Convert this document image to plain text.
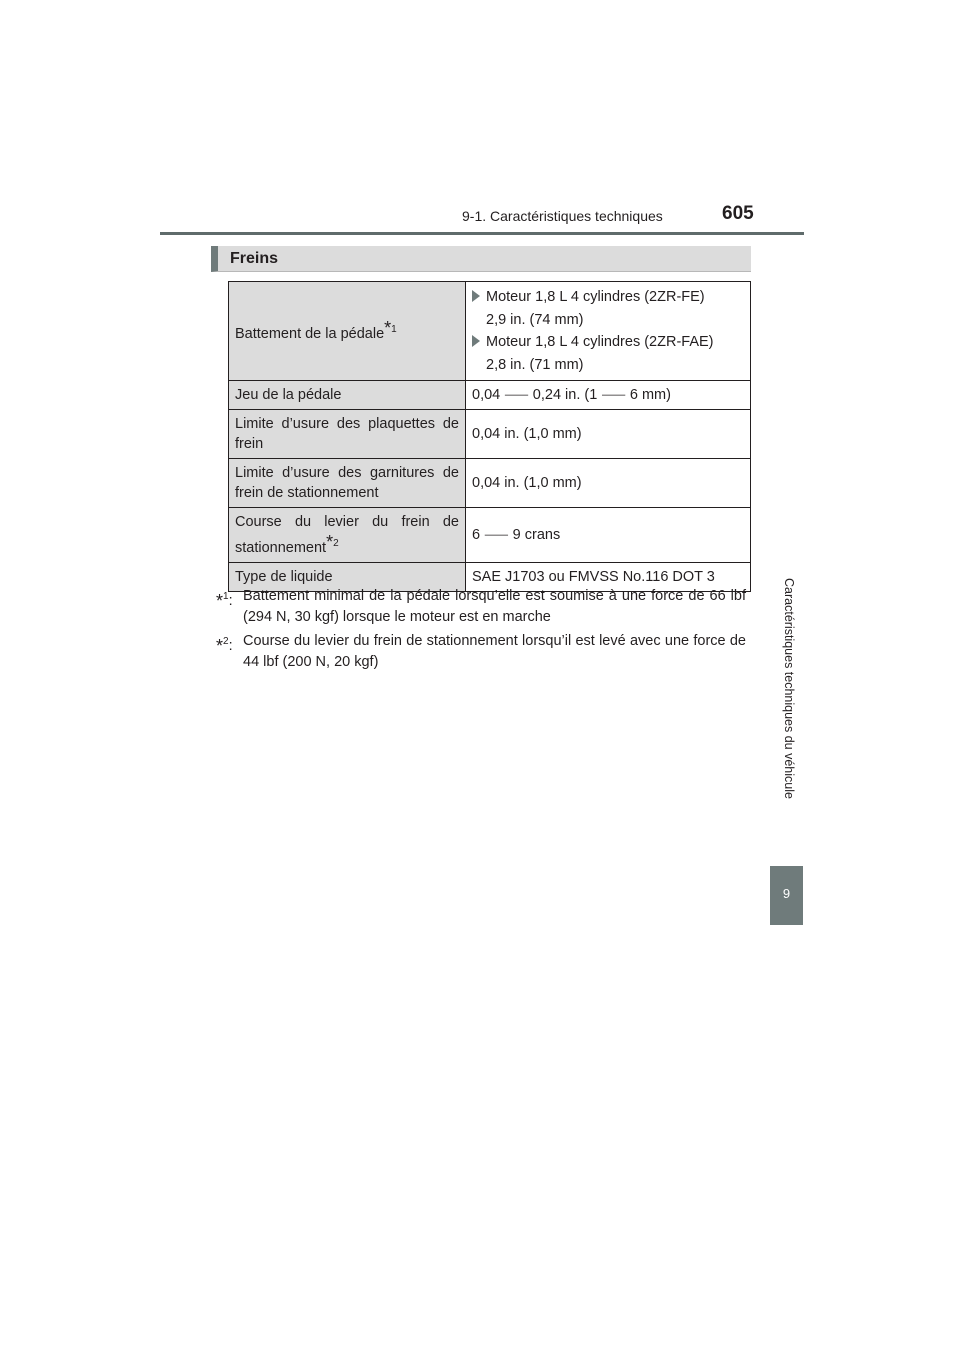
9-1. Caractéristiques techniques	605
Caractéristiques techniques du véhicule
9
Freins
Battement de la pédale$^{*1}$	Moteur 1,8 L 4 cylindres (2ZR-FE)
2,9 in. (74 mm)
Moteur 1,8 L 4 cylindres (2ZR-FAE)
2,8 in. (71 mm)

Jeu de la pédale	0,04 ⸺ 0,24 in. (1 ⸺ 6 mm)
Limite d’usure des plaquettes de frein	0,04 in. (1,0 mm)
Limite d’usure des garnitures de frein de stationnement	0,04 in. (1,0 mm)
Course du levier du frein de stationnement$^{*2}$	6 ⸺ 9 crans
Type de liquide	SAE J1703 ou FMVSS No.116 DOT 3
*$^1$: Battement minimal de la pédale lorsqu’elle est soumise à une force de 66 lbf (294 N, 30 kgf) lorsque le moteur est en marche
*$^2$: Course du levier du frein de stationnement lorsqu’il est levé avec une force de 44 lbf (200 N, 20 kgf)
